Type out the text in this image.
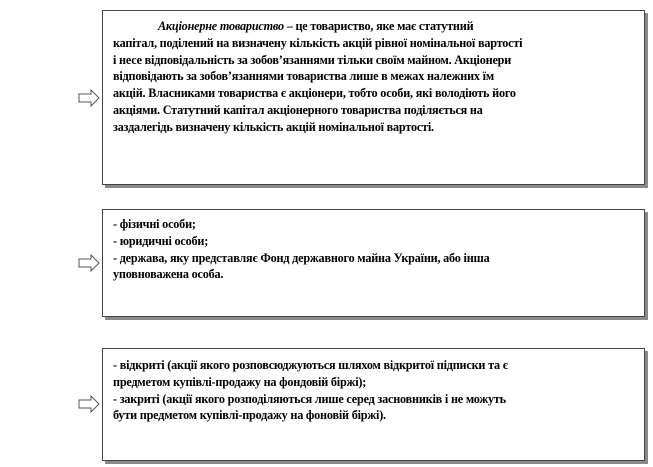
Акціонерне товариство – це товариство, яке має статутний

капітал, поділений на визначену кількість акцій рівної номінальної вартості

і несе відповідальність за зобов’язаннями тільки своїм майном. Акціонери

відповідають за зобов’язаннями товариства лише в межах належних їм

акцій. Власниками товариства є акціонери, тобто особи, які володіють його

акціями. Статутний капітал акціонерного товариства поділяється на

заздалегідь визначену кількість акцій номінальної вартості.

- фізичні особи;

- юридичні особи;

- держава, яку представляє Фонд державного майна України, або інша

уповноважена особа.

- відкриті (акції якого розповсюджуються шляхом відкритої підписки та є

предметом купівлі-продажу на фондовій біржі);

- закриті (акції якого розподіляються лише серед засновників і не можуть

бути предметом купівлі-продажу на фоновій біржі).
